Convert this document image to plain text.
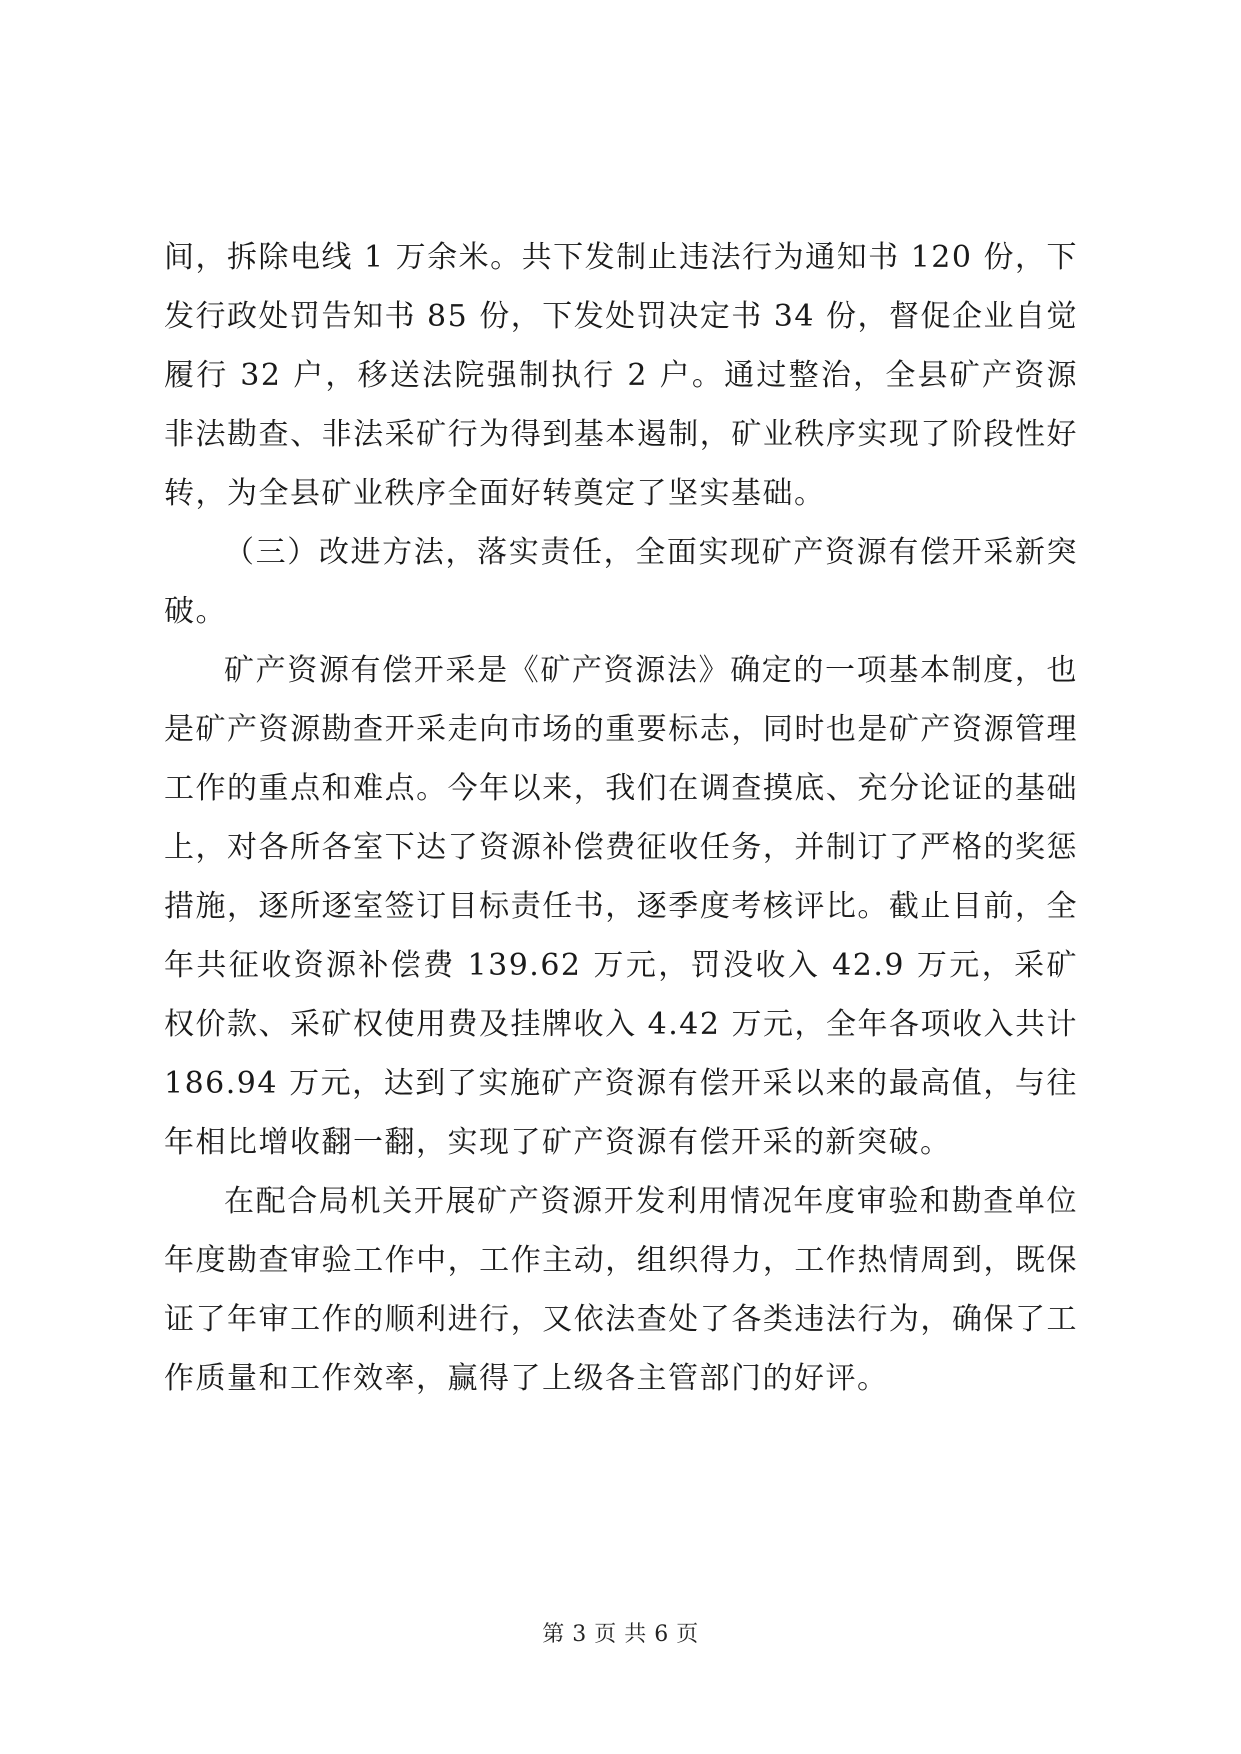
间，拆除电线 1 万余米。共下发制止违法行为通知书 120 份，下发行政处罚告知书 85 份，下发处罚决定书 34 份，督促企业自觉履行 32 户，移送法院强制执行 2 户。通过整治，全县矿产资源非法勘查、非法采矿行为得到基本遏制，矿业秩序实现了阶段性好转，为全县矿业秩序全面好转奠定了坚实基础。

（三）改进方法，落实责任，全面实现矿产资源有偿开采新突破。

矿产资源有偿开采是《矿产资源法》确定的一项基本制度，也是矿产资源勘查开采走向市场的重要标志，同时也是矿产资源管理工作的重点和难点。今年以来，我们在调查摸底、充分论证的基础上，对各所各室下达了资源补偿费征收任务，并制订了严格的奖惩措施，逐所逐室签订目标责任书，逐季度考核评比。截止目前，全年共征收资源补偿费 139.62 万元，罚没收入 42.9 万元，采矿权价款、采矿权使用费及挂牌收入 4.42 万元，全年各项收入共计 186.94 万元，达到了实施矿产资源有偿开采以来的最高值，与往年相比增收翻一翻，实现了矿产资源有偿开采的新突破。

在配合局机关开展矿产资源开发利用情况年度审验和勘查单位年度勘查审验工作中，工作主动，组织得力，工作热情周到，既保证了年审工作的顺利进行，又依法查处了各类违法行为，确保了工作质量和工作效率，赢得了上级各主管部门的好评。

第 3 页 共 6 页
